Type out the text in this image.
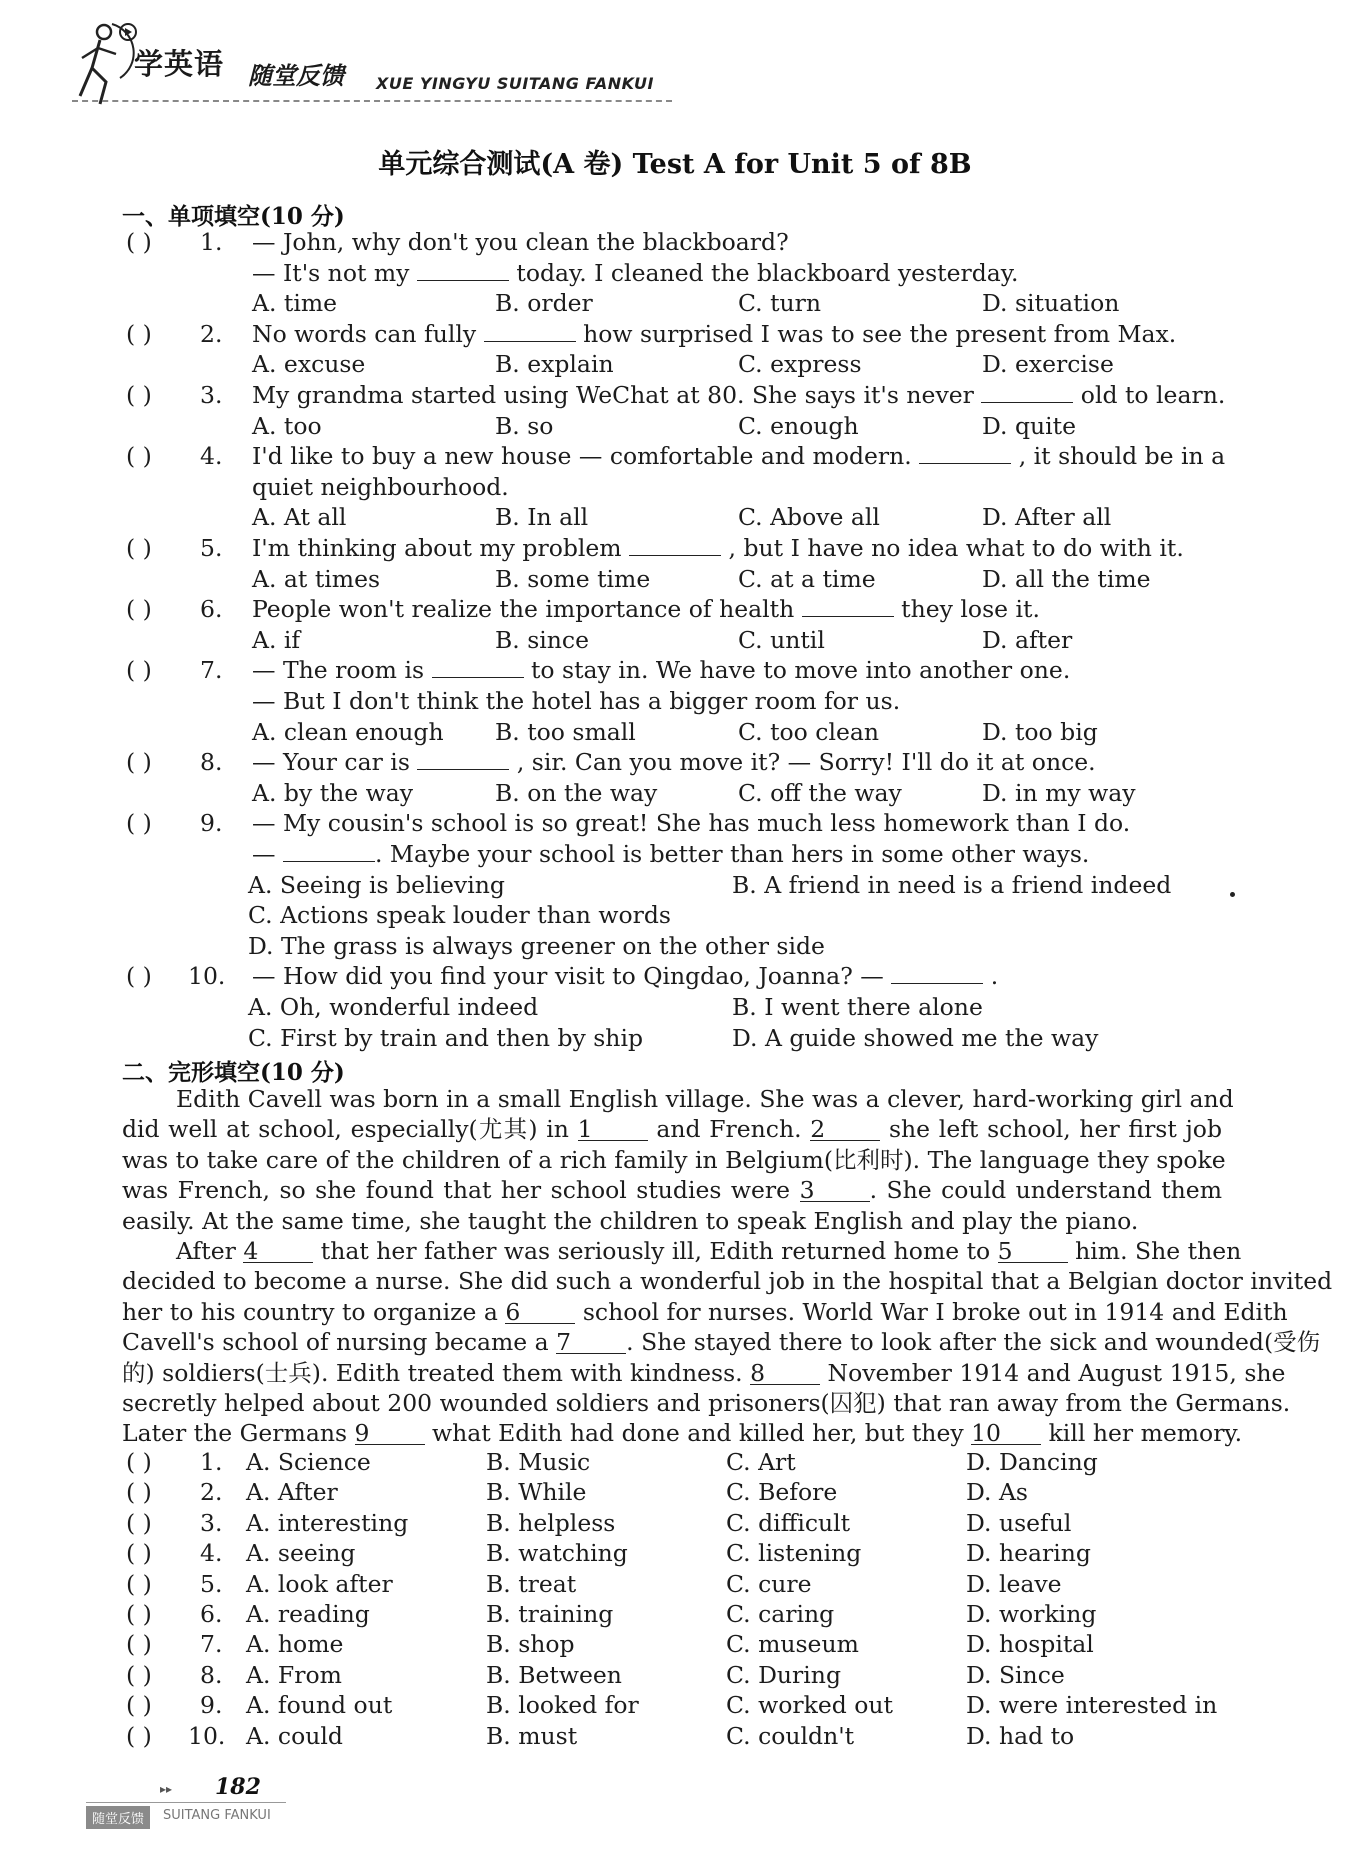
学英语 随堂反馈 XUE YINGYU SUITANG FANKUI
单元综合测试(A 卷) Test A for Unit 5 of 8B
一、单项填空(10 分)
( ) 1. — John, why don't you clean the blackboard?
— It's not my	today. I cleaned the blackboard yesterday.
A. time	B. order	C. turn	D. situation
( ) 2. No words can fully	how surprised I was to see the present from Max.
A. excuse	B. explain	C. express	D. exercise
( ) 3. My grandma started using WeChat at 80. She says it's never	old to learn.
A. too	B. so	C. enough	D. quite
( ) 4. I'd like to buy a new house — comfortable and modern.	, it should be in a
quiet neighbourhood.
A. At all	B. In all	C. Above all	D. After all
( ) 5. I'm thinking about my problem	, but I have no idea what to do with it.
A. at times	B. some time	C. at a time	D. all the time
( ) 6. People won't realize the importance of health	they lose it.
A. if	B. since	C. until	D. after
( ) 7. — The room is	to stay in. We have to move into another one.
— But I don't think the hotel has a bigger room for us.
A. clean enough B. too small	C. too clean	D. too big
( ) 8. — Your car is	, sir. Can you move it? — Sorry! I'll do it at once.
A. by the way	B. on the way	C. off the way	D. in my way
( ) 9. — My cousin's school is so great! She has much less homework than I do.
—	. Maybe your school is better than hers in some other ways.
A. Seeing is believing	B. A friend in need is a friend indeed
C. Actions speak louder than words
D. The grass is always greener on the other side
( ) 10. — How did you find your visit to Qingdao, Joanna? —	.
A. Oh, wonderful indeed	B. I went there alone
C. First by train and then by ship	D. A guide showed me the way
二、完形填空(10 分)
Edith Cavell was born in a small English village. She was a clever, hard-working girl and
did well at school, especially(尤其) in 1 and French. 2 she left school, her first job
was to take care of the children of a rich family in Belgium(比利时). The language they spoke
was French, so she found that her school studies were 3 . She could understand them
easily. At the same time, she taught the children to speak English and play the piano.
After 4 that her father was seriously ill, Edith returned home to 5 him. She then
decided to become a nurse. She did such a wonderful job in the hospital that a Belgian doctor invited
her to his country to organize a 6 school for nurses. World War Ⅰ broke out in 1914 and Edith
Cavell's school of nursing became a 7 . She stayed there to look after the sick and wounded(受伤
的) soldiers(士兵). Edith treated them with kindness. 8 November 1914 and August 1915, she
secretly helped about 200 wounded soldiers and prisoners(囚犯) that ran away from the Germans.
Later the Germans 9 what Edith had done and killed her, but they 10 kill her memory.
( ) 1. A. Science	B. Music	C. Art	D. Dancing
( ) 2. A. After	B. While	C. Before	D. As
( ) 3. A. interesting	B. helpless	C. difficult	D. useful
( ) 4. A. seeing	B. watching	C. listening	D. hearing
( ) 5. A. look after	B. treat	C. cure	D. leave
( ) 6. A. reading	B. training	C. caring	D. working
( ) 7. A. home	B. shop	C. museum	D. hospital
( ) 8. A. From	B. Between	C. During	D. Since
( ) 9. A. found out	B. looked for	C. worked out	D. were interested in
( ) 10. A. could	B. must	C. couldn't	D. had to
▸▸ 182
随堂反馈	SUITANG FANKUI
